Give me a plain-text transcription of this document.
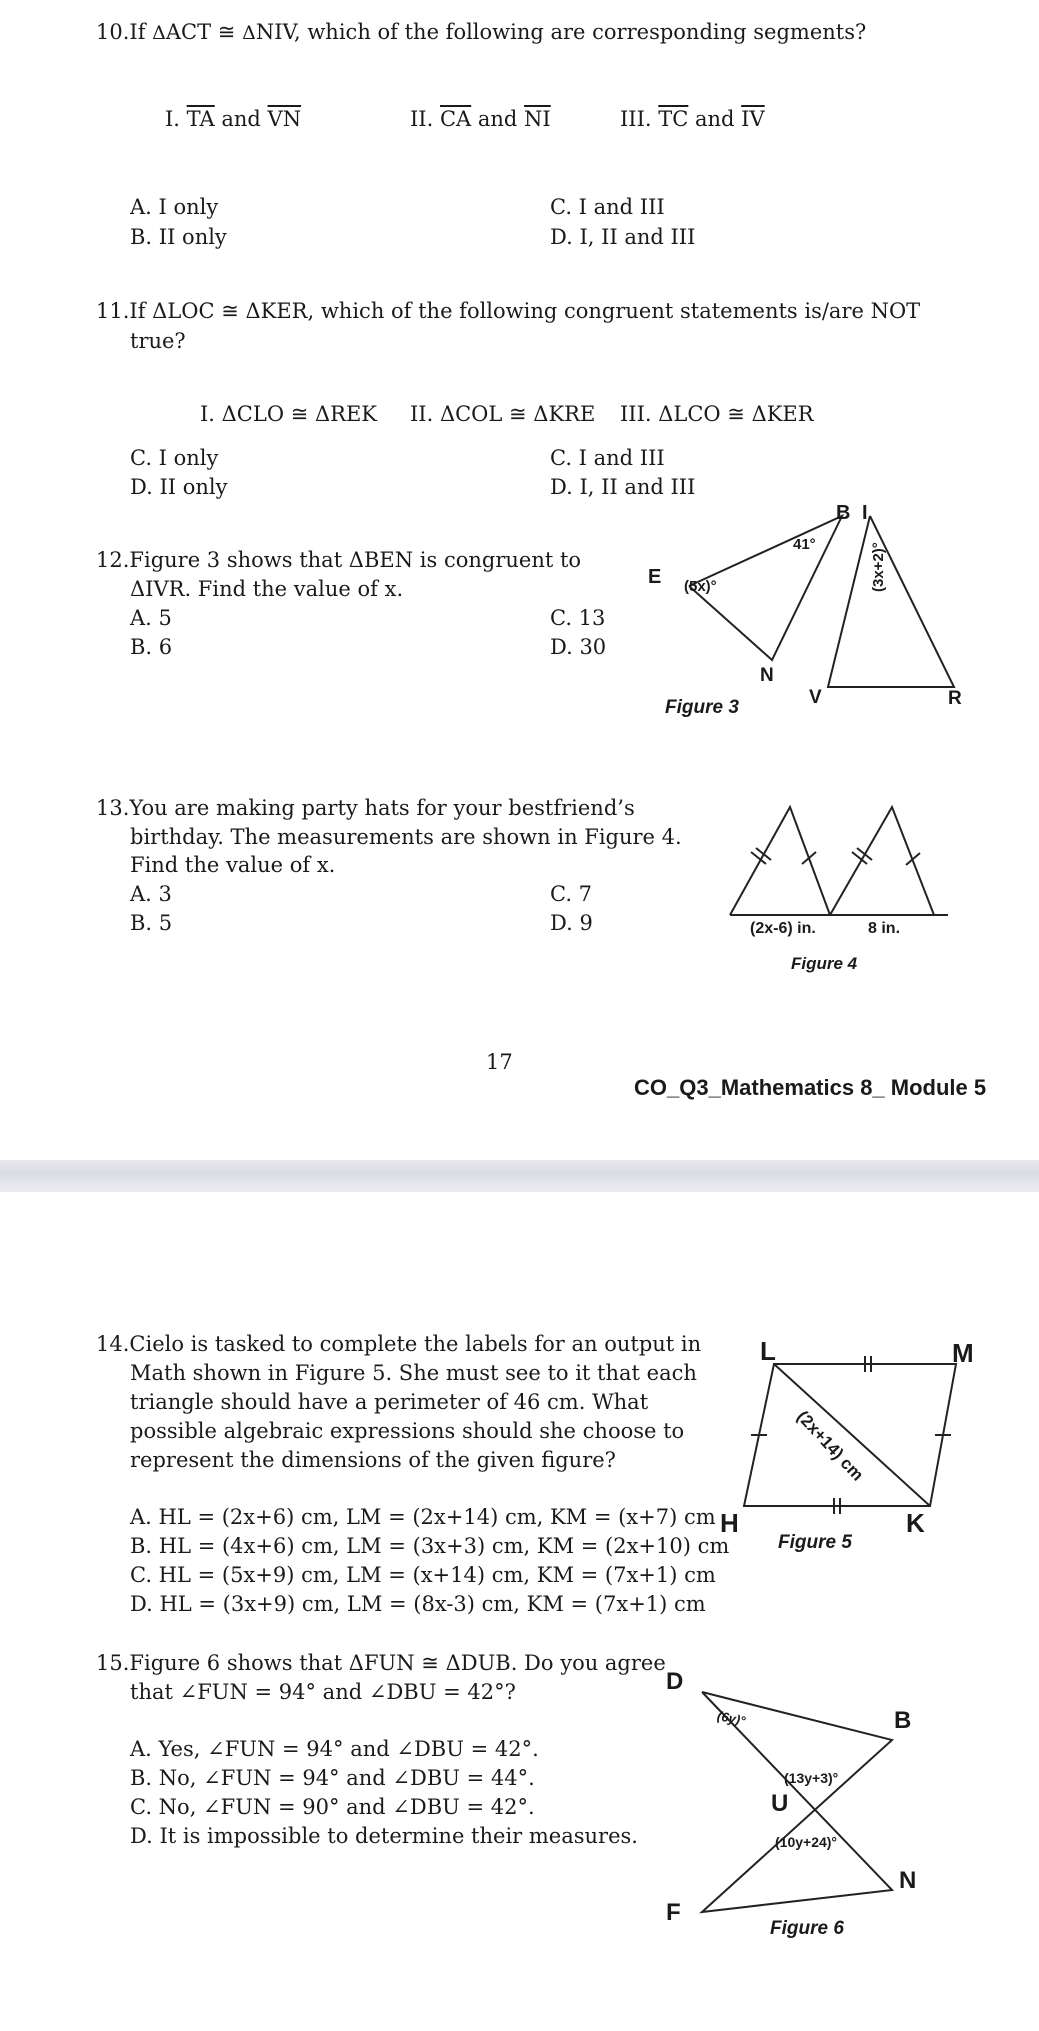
10.If ΔACT ≅ ΔNIV, which of the following are corresponding segments?
I. $\overline{TA}$ and $\overline{VN}$	II. $\overline{CA}$ and $\overline{NI}$	III. $\overline{TC}$ and $\overline{IV}$
A. I only
B. II only
C. I and III
D. I, II and III
11.If ΔLOC ≅ ΔKER, which of the following congruent statements is/are NOT
true?
I. ΔCLO ≅ ΔREK II. ΔCOL ≅ ΔKRE III. ΔLCO ≅ ΔKER
C. I only
D. II only
C. I and III
D. I, II and III
12.Figure 3 shows that ΔBEN is congruent to
ΔIVR. Find the value of x.
A. 5
B. 6
C. 13
D. 30
B I
E
N
V	R
41°
(5x)°	(3x+2)°
Figure 3
13.You are making party hats for your bestfriend’s
birthday. The measurements are shown in Figure 4.
Find the value of x.
A. 3
B. 5
C. 7
D. 9	(2x-6) in.	8 in.
Figure 4
17
CO_Q3_Mathematics 8_ Module 5
14.Cielo is tasked to complete the labels for an output in
Math shown in Figure 5. She must see to it that each
triangle should have a perimeter of 46 cm. What
possible algebraic expressions should she choose to
represent the dimensions of the given figure?
A. HL = (2x+6) cm, LM = (2x+14) cm, KM = (x+7) cm
B. HL = (4x+6) cm, LM = (3x+3) cm, KM = (2x+10) cm
C. HL = (5x+9) cm, LM = (x+14) cm, KM = (7x+1) cm
D. HL = (3x+9) cm, LM = (8x-3) cm, KM = (7x+1) cm
L	M
H	K
(2x+14) cm
Figure 5
15.Figure 6 shows that ΔFUN ≅ ΔDUB. Do you agree
that ∠FUN = 94° and ∠DBU = 42°?
A. Yes, ∠FUN = 94° and ∠DBU = 42°.
B. No, ∠FUN = 94° and ∠DBU = 44°.
C. No, ∠FUN = 90° and ∠DBU = 42°.
D. It is impossible to determine their measures.
D
B
U
N
F
(6y)°
(13y+3)°
(10y+24)°
Figure 6
